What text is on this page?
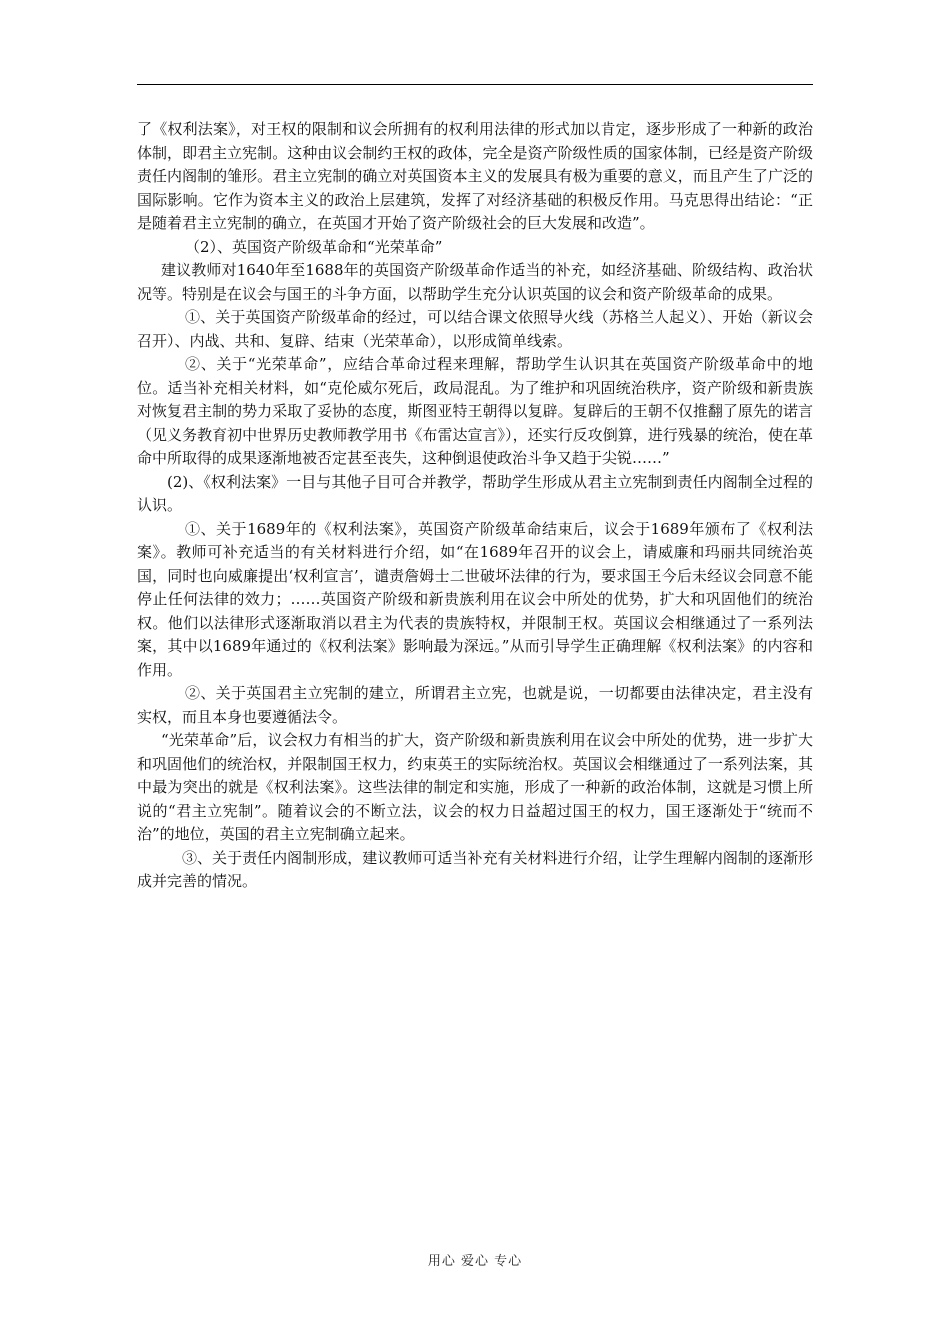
了《权利法案》，对王权的限制和议会所拥有的权利用法律的形式加以肯定，逐步形成了一种新的政治体制，即君主立宪制。这种由议会制约王权的政体，完全是资产阶级性质的国家体制，已经是资产阶级责任内阁制的雏形。君主立宪制的确立对英国资本主义的发展具有极为重要的意义，而且产生了广泛的国际影响。它作为资本主义的政治上层建筑，发挥了对经济基础的积极反作用。马克思得出结论：“正是随着君主立宪制的确立，在英国才开始了资产阶级社会的巨大发展和改造”。

（2）、英国资产阶级革命和“光荣革命”

建议教师对1640年至1688年的英国资产阶级革命作适当的补充，如经济基础、阶级结构、政治状况等。特别是在议会与国王的斗争方面，以帮助学生充分认识英国的议会和资产阶级革命的成果。

①、关于英国资产阶级革命的经过，可以结合课文依照导火线（苏格兰人起义）、开始（新议会召开）、内战、共和、复辟、结束（光荣革命），以形成简单线索。

②、关于“光荣革命”，应结合革命过程来理解，帮助学生认识其在英国资产阶级革命中的地位。适当补充相关材料，如“克伦威尔死后，政局混乱。为了维护和巩固统治秩序，资产阶级和新贵族对恢复君主制的势力采取了妥协的态度，斯图亚特王朝得以复辟。复辟后的王朝不仅推翻了原先的诺言（见义务教育初中世界历史教师教学用书《布雷达宣言》），还实行反攻倒算，进行残暴的统治，使在革命中所取得的成果逐渐地被否定甚至丧失，这种倒退使政治斗争又趋于尖锐……”

(2)、《权利法案》一目与其他子目可合并教学，帮助学生形成从君主立宪制到责任内阁制全过程的认识。

①、关于1689年的《权利法案》，英国资产阶级革命结束后，议会于1689年颁布了《权利法案》。教师可补充适当的有关材料进行介绍，如“在1689年召开的议会上，请威廉和玛丽共同统治英国，同时也向威廉提出‘权利宣言’，谴责詹姆士二世破坏法律的行为，要求国王今后未经议会同意不能停止任何法律的效力；……英国资产阶级和新贵族利用在议会中所处的优势，扩大和巩固他们的统治权。他们以法律形式逐渐取消以君主为代表的贵族特权，并限制王权。英国议会相继通过了一系列法案，其中以1689年通过的《权利法案》影响最为深远。”从而引导学生正确理解《权利法案》的内容和作用。

②、关于英国君主立宪制的建立，所谓君主立宪，也就是说，一切都要由法律决定，君主没有实权，而且本身也要遵循法令。

“光荣革命”后，议会权力有相当的扩大，资产阶级和新贵族利用在议会中所处的优势，进一步扩大和巩固他们的统治权，并限制国王权力，约束英王的实际统治权。英国议会相继通过了一系列法案，其中最为突出的就是《权利法案》。这些法律的制定和实施，形成了一种新的政治体制，这就是习惯上所说的“君主立宪制”。随着议会的不断立法，议会的权力日益超过国王的权力，国王逐渐处于“统而不治”的地位，英国的君主立宪制确立起来。

③、关于责任内阁制形成，建议教师可适当补充有关材料进行介绍，让学生理解内阁制的逐渐形成并完善的情况。

用心 爱心 专心
